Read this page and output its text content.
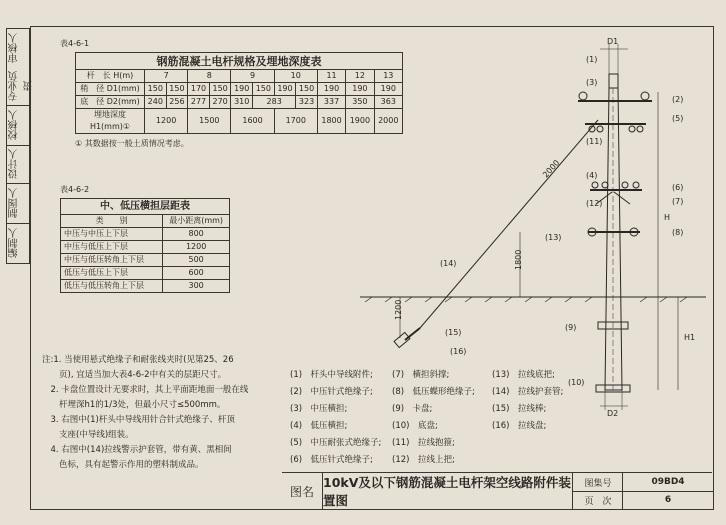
审核人
专业负责
校核人
设计人
制图人
编制人
表4-6-1
钢筋混凝土电杆规格及埋地深度表
杆　长 H(m)	7		8		9		10		11	12	13
稍　径 D1(mm)	150	150	170	150	190	150	190	150	190	190	190
底　径 D2(mm)	240	256	277	270	310	283		323	337	350	363
埋地深度 H1(mm)①	1200		1500		1600		1700		1800	1900	2000
① 其数据按一般土质情况考虑。
表4-6-2
中、低压横担层距表	
类　　别	最小距离(mm)
中压与中压上下层	800
中压与低压上下层	1200
中压与低压转角上下层	500
低压与低压上下层	600
低压与低压转角上下层	300
注:1. 当使用悬式绝缘子和耐张线夹时(见第25、26
　　页), 宜适当加大表4-6-2中有关的层距尺寸。
　2. 卡盘位置设计无要求时，其上平面距地面一般在线
　　杆埋深h1的1/3处，但最小尺寸≤500mm。
　3. 右图中(1)杆头中导线用针合针式绝缘子、杆顶
　　支座(中导线)组装。
　4. 右图中(14)拉线警示护套管，带有黄、黑相间
　　色标，具有起警示作用的塑料制成品。
(1)　杆头中导线附件;
(2)　中压针式绝缘子;
(3)　中压横担;
(4)　低压横担;
(5)　中压耐张式绝缘子;
(6)　低压针式绝缘子;
(7)　横担斜撑;
(8)　低压蝶形绝缘子;
(9)　卡盘;
(10)　底盘;
(11)　拉线抱箍;
(12)　拉线上把;
(13)　拉线底把;
(14)　拉线护套管;
(15)　拉线棒;
(16)　拉线盘;
D1
(1)
(3)
(2)
(5)
(4)
(6)
(7)
(8)
(9)
(10)
(11)
(12)
(13)
(14)
(15)
(16)
D2
H
H1
2000
1800
1200
图名
10kV及以下钢筋混凝土电杆架空线路附件装置图
图集号	09BD4
页　次	6
